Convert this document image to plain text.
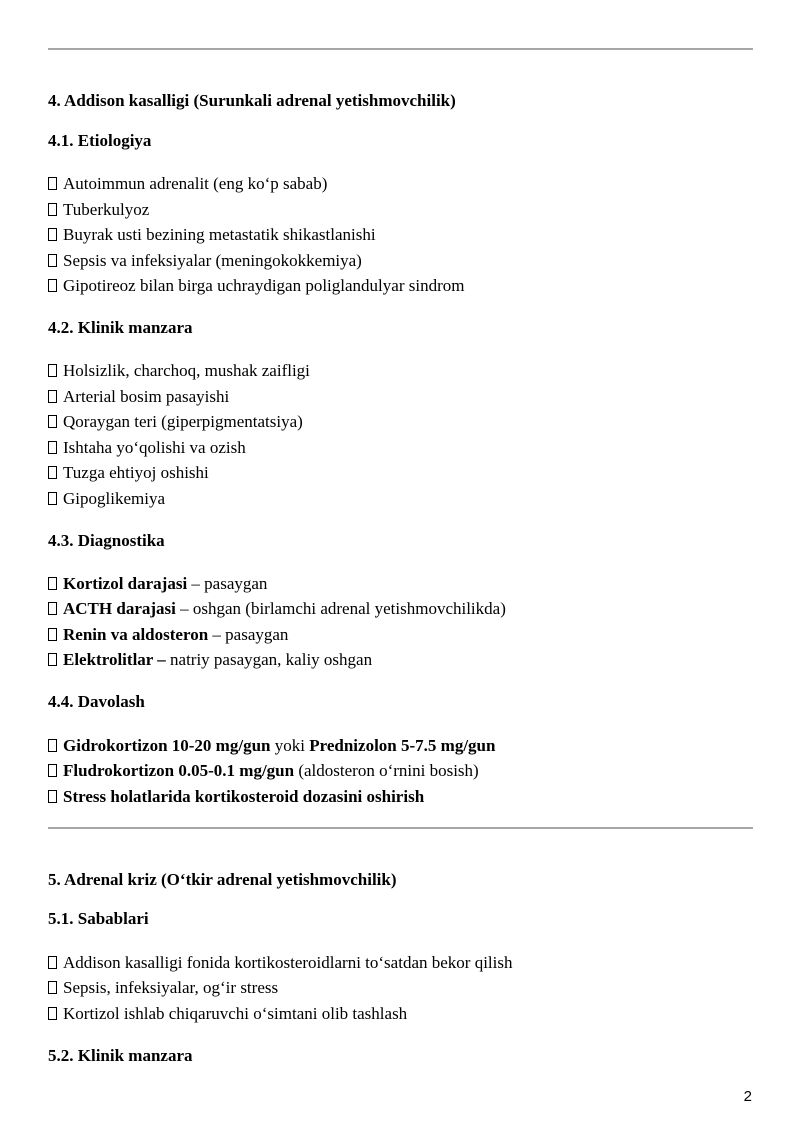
4. Addison kasalligi (Surunkali adrenal yetishmovchilik)
4.1. Etiologiya
Autoimmun adrenalit (eng ko‘p sabab)
Tuberkulyoz
Buyrak usti bezining metastatik shikastlanishi
Sepsis va infeksiyalar (meningokokkemiya)
Gipotireoz bilan birga uchraydigan poliglandulyar sindrom
4.2. Klinik manzara
Holsizlik, charchoq, mushak zaifligi
Arterial bosim pasayishi
Qoraygan teri (giperpigmentatsiya)
Ishtaha yo‘qolishi va ozish
Tuzga ehtiyoj oshishi
Gipoglikemiya
4.3. Diagnostika
Kortizol darajasi – pasaygan
ACTH darajasi – oshgan (birlamchi adrenal yetishmovchilikda)
Renin va aldosteron – pasaygan
Elektrolitlar – natriy pasaygan, kaliy oshgan
4.4. Davolash
Gidrokortizon 10-20 mg/gun yoki Prednizolon 5-7.5 mg/gun
Fludrokortizon 0.05-0.1 mg/gun (aldosteron o‘rnini bosish)
Stress holatlarida kortikosteroid dozasini oshirish
5. Adrenal kriz (O‘tkir adrenal yetishmovchilik)
5.1. Sabablari
Addison kasalligi fonida kortikosteroidlarni to‘satdan bekor qilish
Sepsis, infeksiyalar, og‘ir stress
Kortizol ishlab chiqaruvchi o‘simtani olib tashlash
5.2. Klinik manzara
2
